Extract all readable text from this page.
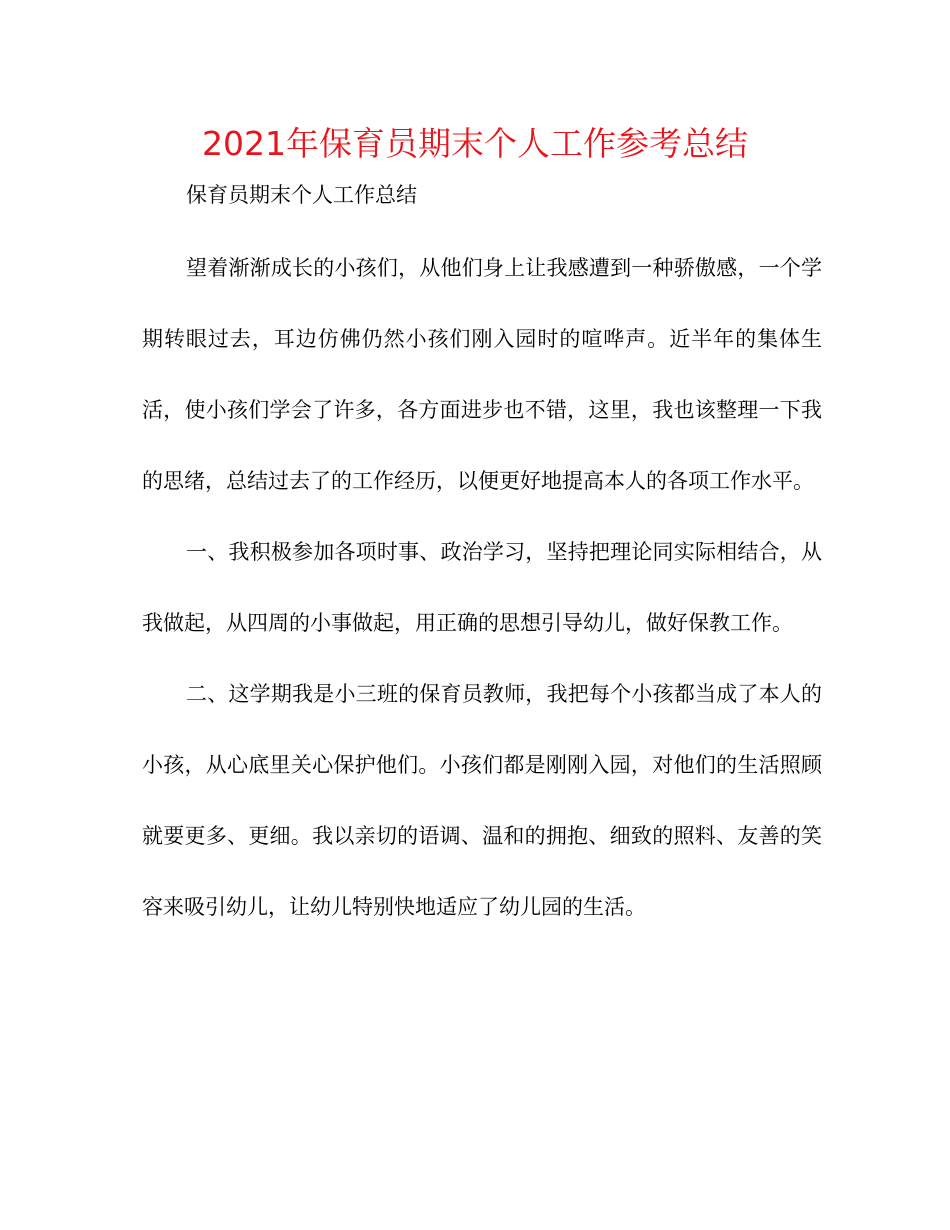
2021年保育员期末个人工作参考总结
保育员期末个人工作总结

望着渐渐成长的小孩们，从他们身上让我感遭到一种骄傲感，一个学期转眼过去，耳边仿佛仍然小孩们刚入园时的喧哗声。近半年的集体生活，使小孩们学会了许多，各方面进步也不错，这里，我也该整理一下我的思绪，总结过去了的工作经历，以便更好地提高本人的各项工作水平。

一、我积极参加各项时事、政治学习，坚持把理论同实际相结合，从我做起，从四周的小事做起，用正确的思想引导幼儿，做好保教工作。

二、这学期我是小三班的保育员教师，我把每个小孩都当成了本人的小孩，从心底里关心保护他们。小孩们都是刚刚入园，对他们的生活照顾就要更多、更细。我以亲切的语调、温和的拥抱、细致的照料、友善的笑容来吸引幼儿，让幼儿特别快地适应了幼儿园的生活。
